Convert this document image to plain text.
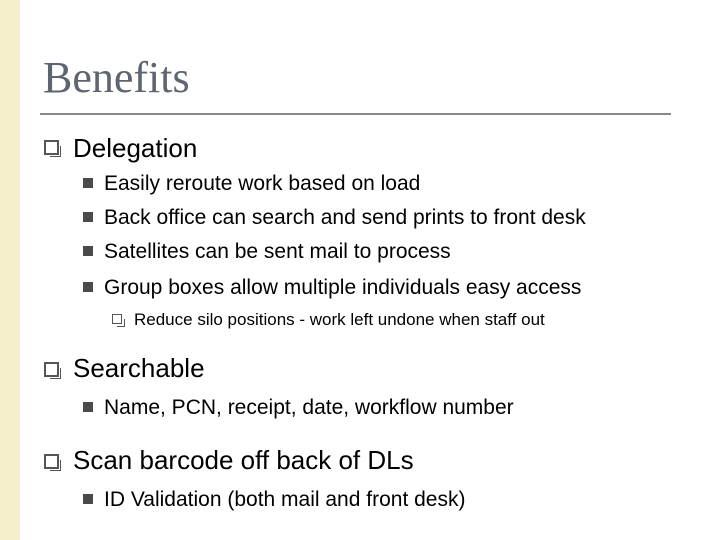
Benefits
Delegation
Easily reroute work based on load
Back office can search and send prints to front desk
Satellites can be sent mail to process
Group boxes allow multiple individuals easy access
Reduce silo positions - work left undone when staff out
Searchable
Name, PCN, receipt, date, workflow number
Scan barcode off back of DLs
ID Validation (both mail and front desk)
